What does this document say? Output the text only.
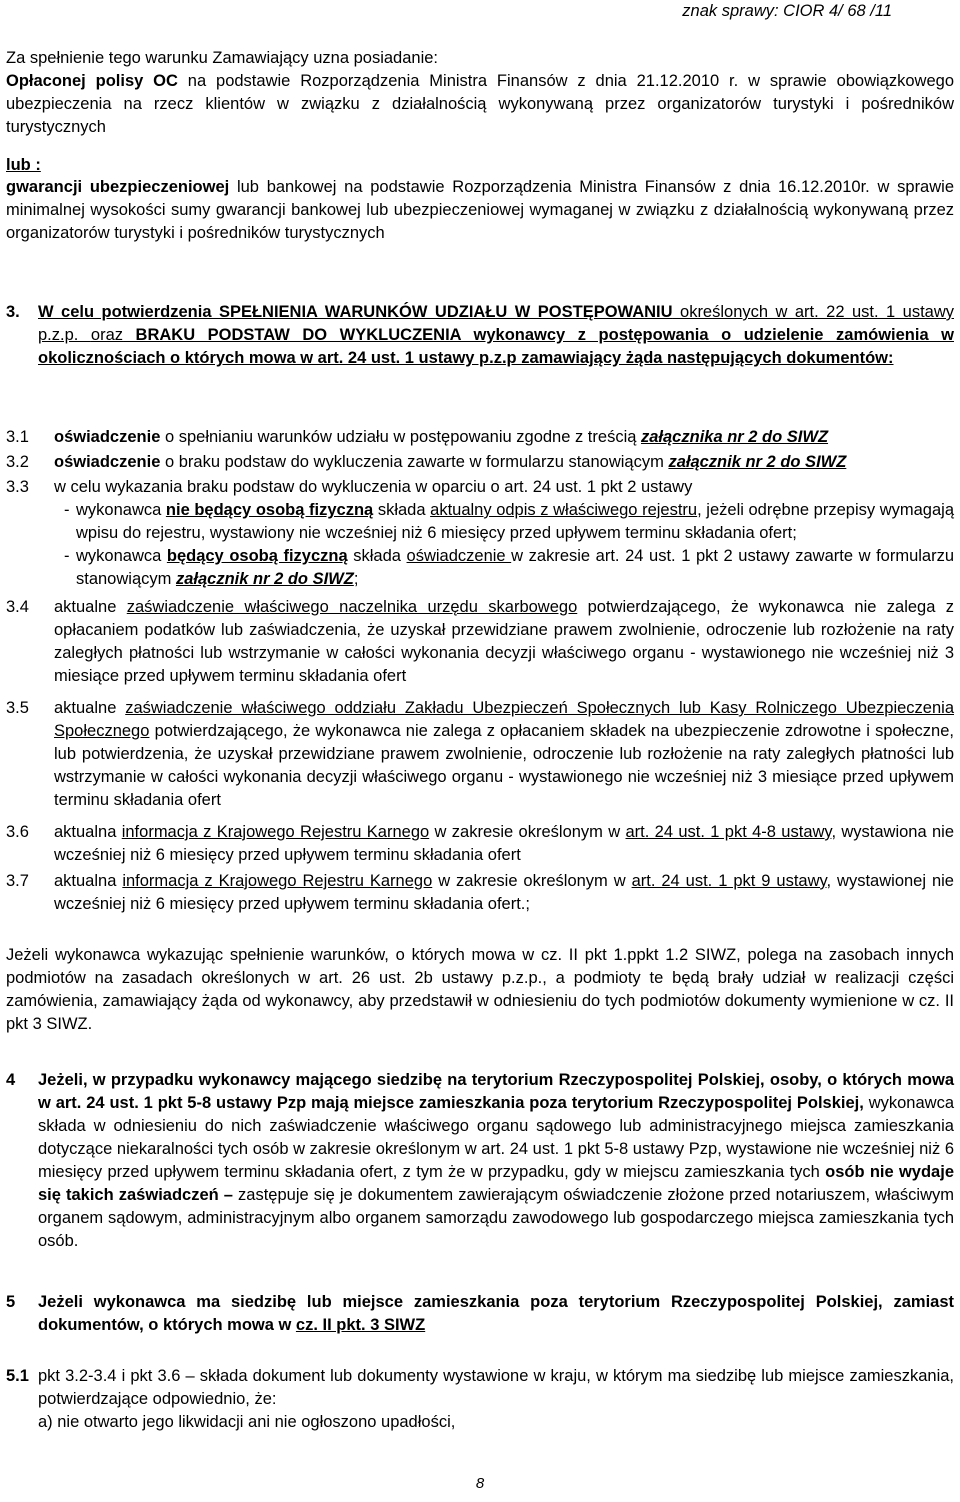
znak sprawy: CIOR 4/ 68 /11
Za spełnienie tego warunku Zamawiający uzna posiadanie:
Opłaconej polisy OC na podstawie Rozporządzenia Ministra Finansów z dnia 21.12.2010 r. w sprawie obowiązkowego ubezpieczenia na rzecz klientów w związku z działalnością wykonywaną przez organizatorów turystyki i pośredników turystycznych
lub :
gwarancji ubezpieczeniowej lub bankowej na podstawie Rozporządzenia Ministra Finansów z dnia 16.12.2010r. w sprawie minimalnej wysokości sumy gwarancji bankowej lub ubezpieczeniowej wymaganej w związku z działalnością wykonywaną przez organizatorów turystyki i pośredników turystycznych
3. W celu potwierdzenia SPEŁNIENIA WARUNKÓW UDZIAŁU W POSTĘPOWANIU określonych w art. 22 ust. 1 ustawy p.z.p. oraz BRAKU PODSTAW DO WYKLUCZENIA wykonawcy z postępowania o udzielenie zamówienia w okolicznościach o których mowa w art. 24 ust. 1 ustawy p.z.p zamawiający żąda następujących dokumentów:
3.1 oświadczenie o spełnianiu warunków udziału w postępowaniu zgodne z treścią załącznika nr 2 do SIWZ
3.2 oświadczenie o braku podstaw do wykluczenia zawarte w formularzu stanowiącym załącznik nr 2 do SIWZ
3.3 w celu wykazania braku podstaw do wykluczenia w oparciu o art. 24 ust. 1 pkt 2 ustawy
- wykonawca nie będący osobą fizyczną składa aktualny odpis z właściwego rejestru, jeżeli odrębne przepisy wymagają wpisu do rejestru, wystawiony nie wcześniej niż 6 miesięcy przed upływem terminu składania ofert;
- wykonawca będący osobą fizyczną składa oświadczenie w zakresie art. 24 ust. 1 pkt 2 ustawy zawarte w formularzu stanowiącym załącznik nr 2 do SIWZ;
3.4 aktualne zaświadczenie właściwego naczelnika urzędu skarbowego potwierdzającego, że wykonawca nie zalega z opłacaniem podatków lub zaświadczenia, że uzyskał przewidziane prawem zwolnienie, odroczenie lub rozłożenie na raty zaległych płatności lub wstrzymanie w całości wykonania decyzji właściwego organu - wystawionego nie wcześniej niż 3 miesiące przed upływem terminu składania ofert
3.5 aktualne zaświadczenie właściwego oddziału Zakładu Ubezpieczeń Społecznych lub Kasy Rolniczego Ubezpieczenia Społecznego potwierdzającego, że wykonawca nie zalega z opłacaniem składek na ubezpieczenie zdrowotne i społeczne, lub potwierdzenia, że uzyskał przewidziane prawem zwolnienie, odroczenie lub rozłożenie na raty zaległych płatności lub wstrzymanie w całości wykonania decyzji właściwego organu - wystawionego nie wcześniej niż 3 miesiące przed upływem terminu składania ofert
3.6 aktualna informacja z Krajowego Rejestru Karnego w zakresie określonym w art. 24 ust. 1 pkt 4-8 ustawy, wystawiona nie wcześniej niż 6 miesięcy przed upływem terminu składania ofert
3.7 aktualna informacja z Krajowego Rejestru Karnego w zakresie określonym w art. 24 ust. 1 pkt 9 ustawy, wystawionej nie wcześniej niż 6 miesięcy przed upływem terminu składania ofert.;
Jeżeli wykonawca wykazując spełnienie warunków, o których mowa w cz. II pkt 1.ppkt 1.2 SIWZ, polega na zasobach innych podmiotów na zasadach określonych w art. 26 ust. 2b ustawy p.z.p., a podmioty te będą brały udział w realizacji części zamówienia, zamawiający żąda od wykonawcy, aby przedstawił w odniesieniu do tych podmiotów dokumenty wymienione w cz. II pkt 3 SIWZ.
4 Jeżeli, w przypadku wykonawcy mającego siedzibę na terytorium Rzeczypospolitej Polskiej, osoby, o których mowa w art. 24 ust. 1 pkt 5-8 ustawy Pzp mają miejsce zamieszkania poza terytorium Rzeczypospolitej Polskiej, wykonawca składa w odniesieniu do nich zaświadczenie właściwego organu sądowego lub administracyjnego miejsca zamieszkania dotyczące niekaralności tych osób w zakresie określonym w art. 24 ust. 1 pkt 5-8 ustawy Pzp, wystawione nie wcześniej niż 6 miesięcy przed upływem terminu składania ofert, z tym że w przypadku, gdy w miejscu zamieszkania tych osób nie wydaje się takich zaświadczeń – zastępuje się je dokumentem zawierającym oświadczenie złożone przed notariuszem, właściwym organem sądowym, administracyjnym albo organem samorządu zawodowego lub gospodarczego miejsca zamieszkania tych osób.
5 Jeżeli wykonawca ma siedzibę lub miejsce zamieszkania poza terytorium Rzeczypospolitej Polskiej, zamiast dokumentów, o których mowa w cz. II pkt. 3 SIWZ
5.1 pkt 3.2-3.4 i pkt 3.6 – składa dokument lub dokumenty wystawione w kraju, w którym ma siedzibę lub miejsce zamieszkania, potwierdzające odpowiednio, że:
a) nie otwarto jego likwidacji ani nie ogłoszono upadłości,
8
